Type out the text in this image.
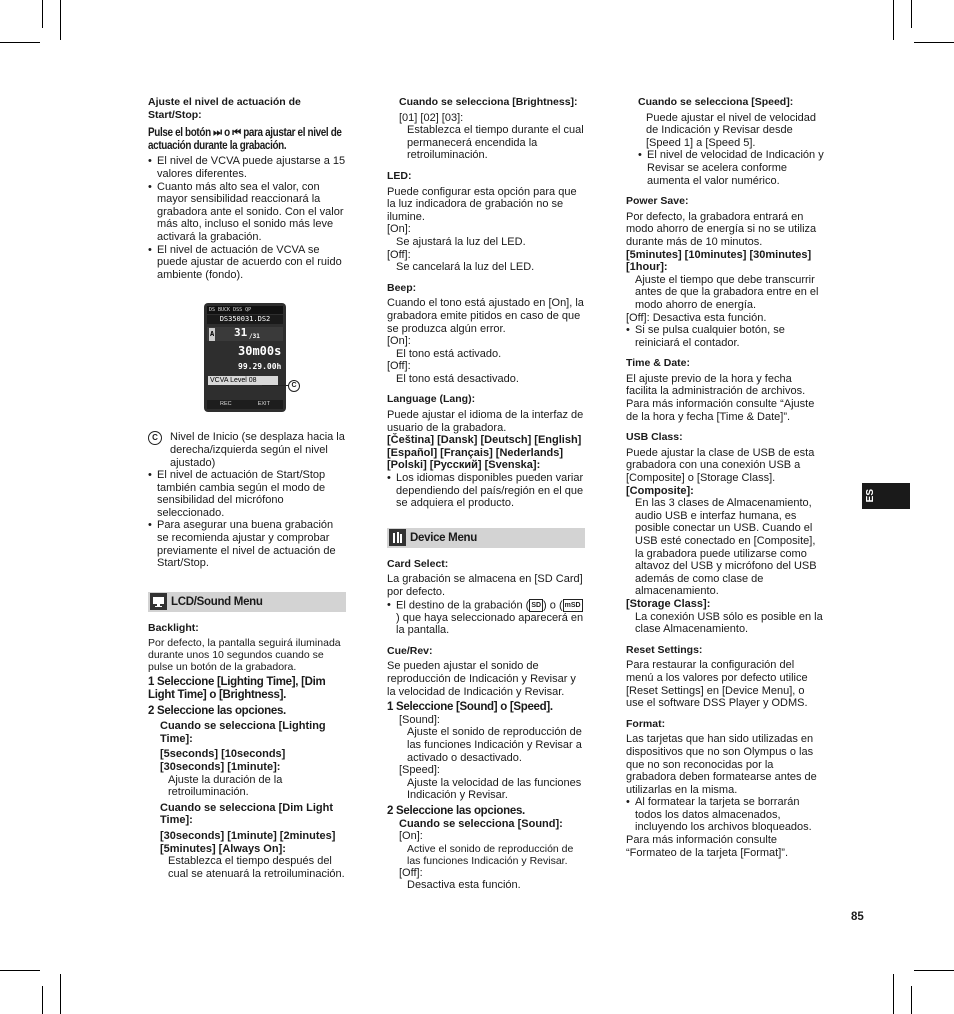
Ajuste el nivel de actuación de Start/Stop:

Pulse el botón ⏭ o ⏮ para ajustar el nivel de actuación durante la grabación.

• El nivel de VCVA puede ajustarse a 15 valores diferentes.
• Cuanto más alto sea el valor, con mayor sensibilidad reaccionará la grabadora ante el sonido. Con el valor más alto, incluso el sonido más leve activará la grabación.
• El nivel de actuación de VCVA se puede ajustar de acuerdo con el ruido ambiente (fondo).
DS BUCK DSS QP
DS350031.DS2
A 31 /31
30m00s
99.29.00h
VCVA Level 08
REC	EXIT
C

C	Nivel de Inicio (se desplaza hacia la derecha/izquierda según el nivel ajustado)

• El nivel de actuación de Start/Stop también cambia según el modo de sensibilidad del micrófono seleccionado.
• Para asegurar una buena grabación se recomienda ajustar y comprobar previamente el nivel de actuación de Start/Stop.
LCD/Sound Menu

Backlight:

Por defecto, la pantalla seguirá iluminada durante unos 10 segundos cuando se pulse un botón de la grabadora.

1 Seleccione [Lighting Time], [Dim Light Time] o [Brightness].

2 Seleccione las opciones.

Cuando se selecciona [Lighting Time]:

[5seconds] [10seconds] [30seconds] [1minute]:

Ajuste la duración de la retroiluminación.

Cuando se selecciona [Dim Light Time]:

[30seconds] [1minute] [2minutes] [5minutes] [Always On]:

Establezca el tiempo después del cual se atenuará la retroiluminación.

Cuando se selecciona [Brightness]:

[01] [02] [03]:

Establezca el tiempo durante el cual permanecerá encendida la retroiluminación.

LED:

Puede configurar esta opción para que la luz indicadora de grabación no se ilumine.

[On]:

Se ajustará la luz del LED.

[Off]:

Se cancelará la luz del LED.

Beep:

Cuando el tono está ajustado en [On], la grabadora emite pitidos en caso de que se produzca algún error.

[On]:

El tono está activado.

[Off]:

El tono está desactivado.

Language (Lang):

Puede ajustar el idioma de la interfaz de usuario de la grabadora.

[Čeština] [Dansk] [Deutsch] [English] [Español] [Français] [Nederlands] [Polski] [Русский] [Svenska]:

• Los idiomas disponibles pueden variar dependiendo del país/región en el que se adquiera el producto.
Device Menu

Card Select:

La grabación se almacena en [SD Card] por defecto.

• El destino de la grabación ( SD ) o ( mSD) que haya seleccionado aparecerá en la pantalla.

Cue/Rev:

Se pueden ajustar el sonido de reproducción de Indicación y Revisar y la velocidad de Indicación y Revisar.

1 Seleccione [Sound] o [Speed].

[Sound]:

Ajuste el sonido de reproducción de las funciones Indicación y Revisar a activado o desactivado.

[Speed]:

Ajuste la velocidad de las funciones Indicación y Revisar.

2 Seleccione las opciones.

Cuando se selecciona [Sound]:

[On]:

Active el sonido de reproducción de las funciones Indicación y Revisar.

[Off]:

Desactiva esta función.

Cuando se selecciona [Speed]:

Puede ajustar el nivel de velocidad de Indicación y Revisar desde [Speed 1] a [Speed 5].

• El nivel de velocidad de Indicación y Revisar se acelera conforme aumenta el valor numérico.

Power Save:

Por defecto, la grabadora entrará en modo ahorro de energía si no se utiliza durante más de 10 minutos.

[5minutes] [10minutes] [30minutes] [1hour]:

Ajuste el tiempo que debe transcurrir antes de que la grabadora entre en el modo ahorro de energía.

[Off]: Desactiva esta función.

• Si se pulsa cualquier botón, se reiniciará el contador.

Time & Date:

El ajuste previo de la hora y fecha facilita la administración de archivos. Para más información consulte “Ajuste de la hora y fecha [Time & Date]”.

USB Class:

Puede ajustar la clase de USB de esta grabadora con una conexión USB a [Composite] o [Storage Class].

[Composite]:

En las 3 clases de Almacenamiento, audio USB e interfaz humana, es posible conectar un USB. Cuando el USB esté conectado en [Composite], la grabadora puede utilizarse como altavoz del USB y micrófono del USB además de como clase de almacenamiento.

[Storage Class]:

La conexión USB sólo es posible en la clase Almacenamiento.

Reset Settings:

Para restaurar la configuración del menú a los valores por defecto utilice [Reset Settings] en [Device Menu], o use el software DSS Player y ODMS.

Format:

Las tarjetas que han sido utilizadas en dispositivos que no son Olympus o las que no son reconocidas por la grabadora deben formatearse antes de utilizarlas en la misma.

• Al formatear la tarjeta se borrarán todos los datos almacenados, incluyendo los archivos bloqueados.

Para más información consulte “Formateo de la tarjeta [Format]”.

ES
85
